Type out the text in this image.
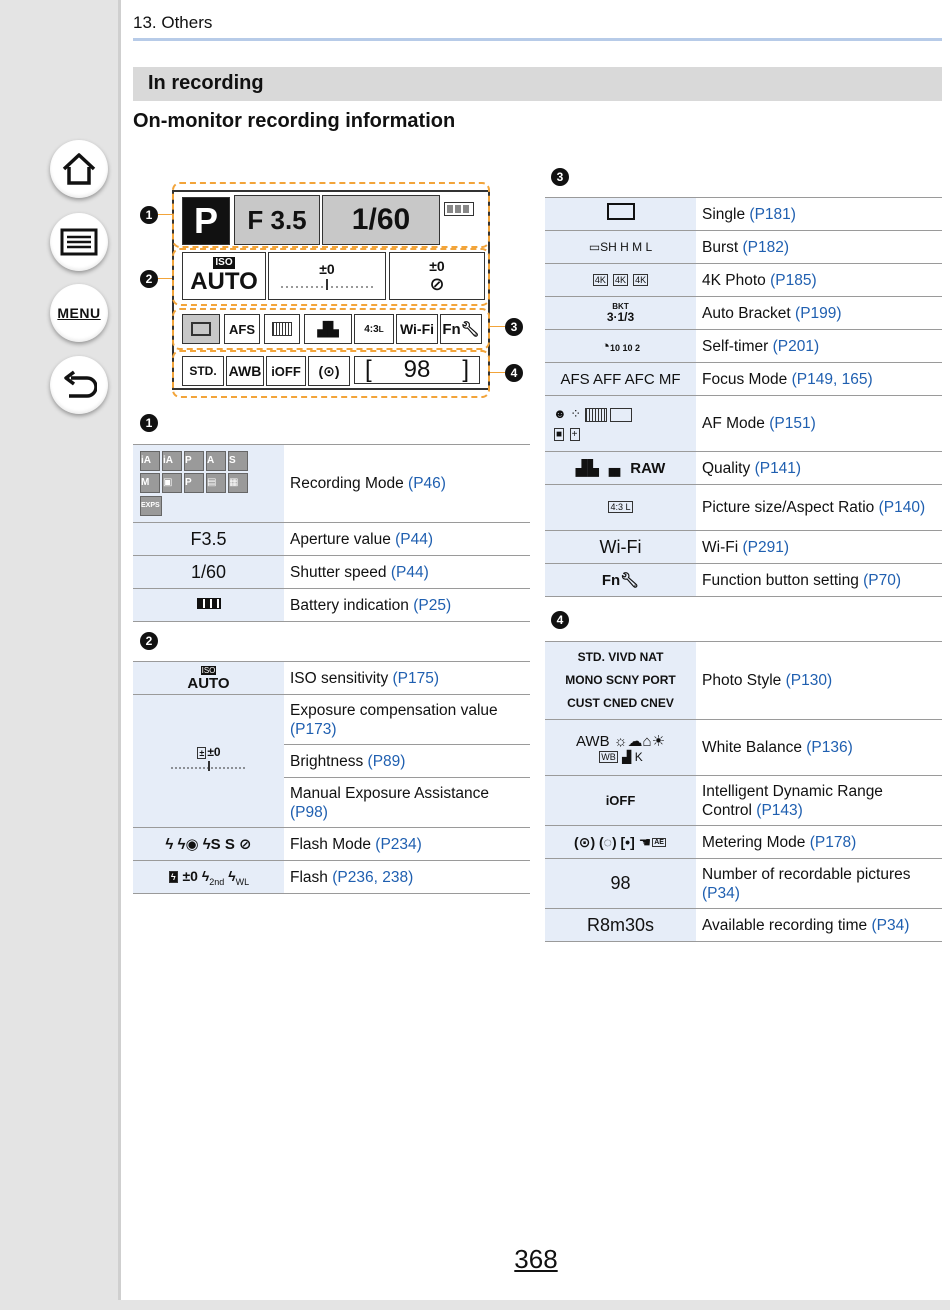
MENU
13. Others
In recording
On-monitor recording information
1
2
3
4
P	F 3.5	1/60
ISO
AUTO	±0	±0
⊘
AFS	▟▙	4:3 L Wi-Fi Fn 🔧︎
STD. AWB iOFF	(⊙)	[ 98 ]
1
iA iA P A S
M ▣ P ▤ ▦
EXPS	Recording Mode (P46)
F3.5	Aperture value (P44)
1/60	Shutter speed (P44)
	Battery indication (P25)
2
ISO
AUTO	ISO sensitivity (P175)

± ±0	Exposure compensation value (P173)
	Brightness (P89)
	Manual Exposure Assistance (P98)
ϟ ϟ◉ ϟS S ⊘	Flash Mode (P234)
ϟ ±0 $ϟ_{2nd}$ $ϟ_{WL}$	Flash (P236, 238)
3
	Single (P181)
▭SH H M L	Burst (P182)
4K 4K 4K	4K Photo (P185)

BKT
3·1/3	Auto Bracket (P199)
◔10 10 2	Self-timer (P201)
AFS AFF AFC MF	Focus Mode (P149, 165)

☻ ⁘
■ +	AF Mode (P151)
▟▙ ▗▖ RAW	Quality (P141)
4:3 L	Picture size/Aspect Ratio (P140)
Wi-Fi	Wi-Fi (P291)
Fn🔧︎	Function button setting (P70)
4
STD. VIVD NAT
MONO SCNY PORT
CUST CNED CNEV	Photo Style (P130)

AWB ☼☁⌂☀
WB ▟ K	White Balance (P136)
iOFF	Intelligent Dynamic Range Control (P143)
(⊙) (◌) [•] ☚ AE	Metering Mode (P178)
98	Number of recordable pictures (P34)
R8m30s	Available recording time (P34)
368
